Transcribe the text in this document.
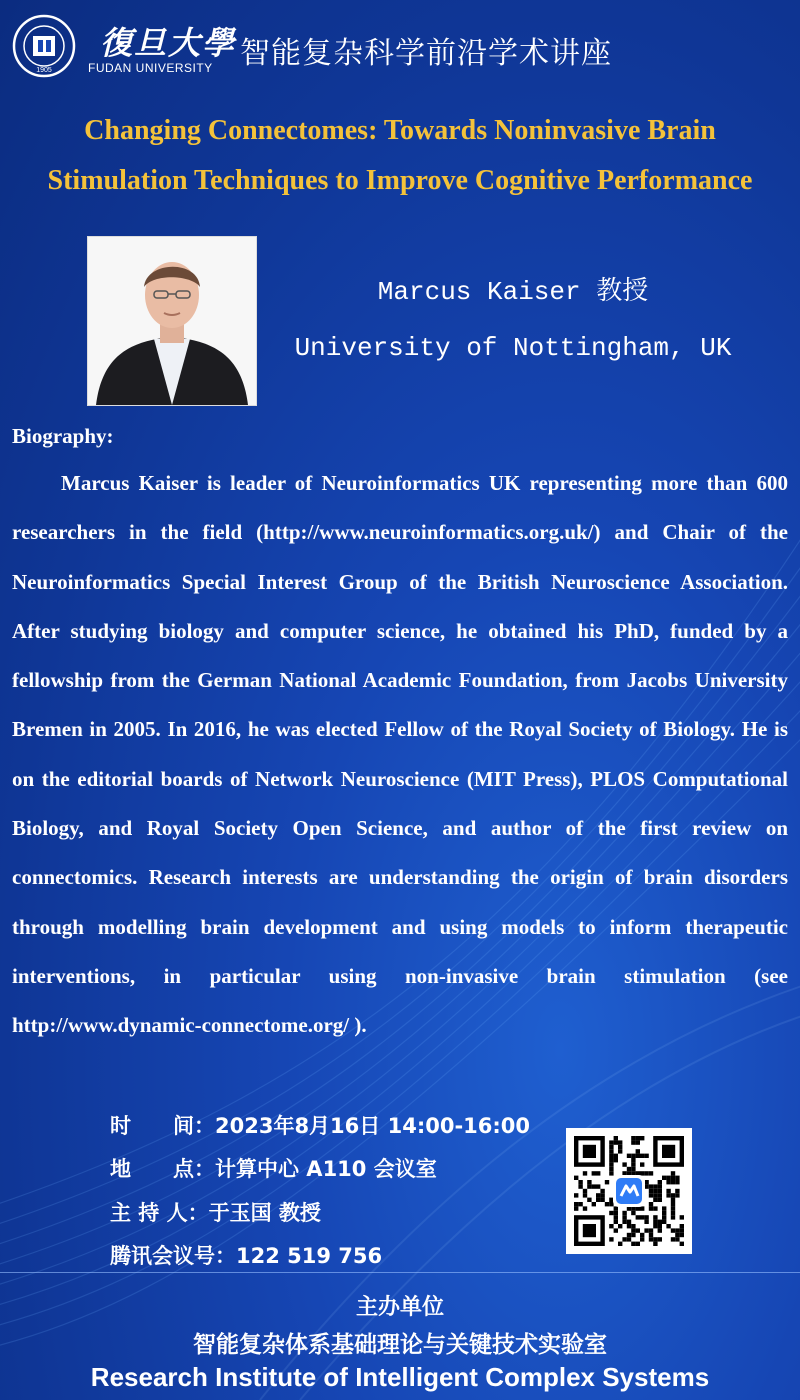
1905
復旦大學
FUDAN UNIVERSITY 智能复杂科学前沿学术讲座
Changing Connectomes: Towards Noninvasive Brain
Stimulation Techniques to Improve Cognitive Performance
Marcus Kaiser 教授
University of Nottingham, UK
Biography:

Marcus Kaiser is leader of Neuroinformatics UK representing more than 600 researchers in the field (http://www.neuroinformatics.org.uk/) and Chair of the Neuroinformatics Special Interest Group of the British Neuroscience Association. After studying biology and computer science, he obtained his PhD, funded by a fellowship from the German National Academic Foundation, from Jacobs University Bremen in 2005. In 2016, he was elected Fellow of the Royal Society of Biology. He is on the editorial boards of Network Neuroscience (MIT Press), PLOS Computational Biology, and Royal Society Open Science, and author of the first review on connectomics. Research interests are understanding the origin of brain disorders through modelling brain development and using models to inform therapeutic interventions, in particular using non-invasive brain stimulation (see http://www.dynamic-connectome.org/ ).

时　　间：2023年8月16日 14:00-16:00
地　　点：计算中心 A110 会议室
主 持 人：于玉国 教授
腾讯会议号：122 519 756
主办单位
智能复杂体系基础理论与关键技术实验室
Research Institute of Intelligent Complex Systems
